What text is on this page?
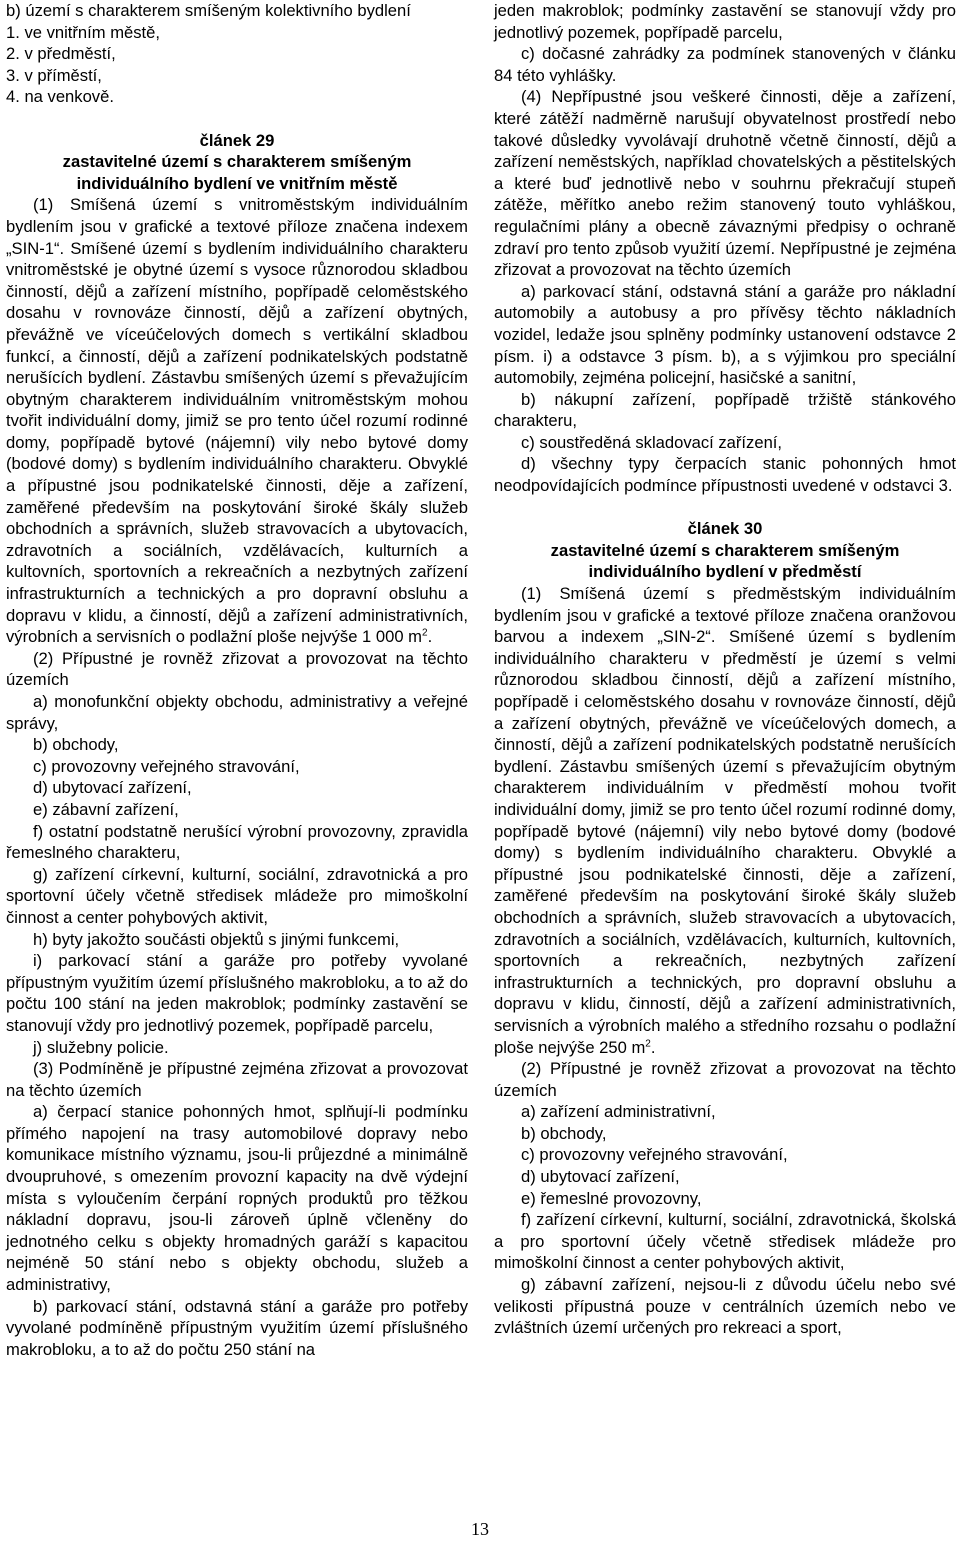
b) území s charakterem smíšeným kolektivního bydlení

1. ve vnitřním městě,

2. v předměstí,

3. v příměstí,

4. na venkově.

článek 29

zastavitelné území s charakterem smíšeným individuálního bydlení ve vnitřním městě

(1) Smíšená území s vnitroměstským individuálním bydlením jsou v grafické a textové příloze značena indexem „SIN-1“. Smíšené území s bydlením individuálního charakteru vnitroměstské je obytné území s vysoce různorodou skladbou činností, dějů a zařízení místního, popřípadě celoměstského dosahu v rovnováze činností, dějů a zařízení obytných, převážně ve víceúčelových domech s vertikální skladbou funkcí, a činností, dějů a zařízení podnikatelských podstatně nerušících bydlení. Zástavbu smíšených území s převažujícím obytným charakterem individuálním vnitroměstským mohou tvořit individuální domy, jimiž se pro tento účel rozumí rodinné domy, popřípadě bytové (nájemní) vily nebo bytové domy (bodové domy) s bydlením individuálního charakteru. Obvyklé a přípustné jsou podnikatelské činnosti, děje a zařízení, zaměřené především na poskytování široké škály služeb obchodních a správních, služeb stravovacích a ubytovacích, zdravotních a sociálních, vzdělávacích, kulturních a kultovních, sportovních a rekreačních a nezbytných zařízení infrastrukturních a technických a pro dopravní obsluhu a dopravu v klidu, a činností, dějů a zařízení administrativních, výrobních a servisních o podlažní ploše nejvýše 1 000 $m^2$.

(2) Přípustné je rovněž zřizovat a provozovat na těchto územích

a) monofunkční objekty obchodu, administrativy a veřejné správy,

b) obchody,

c) provozovny veřejného stravování,

d) ubytovací zařízení,

e) zábavní zařízení,

f) ostatní podstatně nerušící výrobní provozovny, zpravidla řemeslného charakteru,

g) zařízení církevní, kulturní, sociální, zdravotnická a pro sportovní účely včetně středisek mládeže pro mimoškolní činnost a center pohybových aktivit,

h) byty jakožto součásti objektů s jinými funkcemi,

i) parkovací stání a garáže pro potřeby vyvolané přípustným využitím území příslušného makrobloku, a to až do počtu 100 stání na jeden makroblok; podmínky zastavění se stanovují vždy pro jednotlivý pozemek, popřípadě parcelu,

j) služebny policie.

(3) Podmíněně je přípustné zejména zřizovat a provozovat na těchto územích

a) čerpací stanice pohonných hmot, splňují-li podmínku přímého napojení na trasy automobilové dopravy nebo komunikace místního významu, jsou-li průjezdné a minimálně dvoupruhové, s omezením provozní kapacity na dvě výdejní místa s vyloučením čerpání ropných produktů pro těžkou nákladní dopravu, jsou-li zároveň úplně včleněny do jednotného celku s objekty hromadných garáží s kapacitou nejméně 50 stání nebo s objekty obchodu, služeb a administrativy,

b) parkovací stání, odstavná stání a garáže pro potřeby vyvolané podmíněně přípustným využitím území příslušného makrobloku, a to až do počtu 250 stání na

jeden makroblok; podmínky zastavění se stanovují vždy pro jednotlivý pozemek, popřípadě parcelu,

c) dočasné zahrádky za podmínek stanovených v článku 84 této vyhlášky.

(4) Nepřípustné jsou veškeré činnosti, děje a zařízení, které zátěží nadměrně narušují obyvatelnost prostředí nebo takové důsledky vyvolávají druhotně včetně činností, dějů a zařízení neměstských, například chovatelských a pěstitelských a které buď jednotlivě nebo v souhrnu překračují stupeň zátěže, měřítko anebo režim stanovený touto vyhláškou, regulačními plány a obecně závaznými předpisy o ochraně zdraví pro tento způsob využití území. Nepřípustné je zejména zřizovat a provozovat na těchto územích

a) parkovací stání, odstavná stání a garáže pro nákladní automobily a autobusy a pro přívěsy těchto nákladních vozidel, ledaže jsou splněny podmínky ustanovení odstavce 2 písm. i) a odstavce 3 písm. b), a s výjimkou pro speciální automobily, zejména policejní, hasičské a sanitní,

b) nákupní zařízení, popřípadě tržiště stánkového charakteru,

c) soustředěná skladovací zařízení,

d) všechny typy čerpacích stanic pohonných hmot neodpovídajících podmínce přípustnosti uvedené v odstavci 3.

článek 30

zastavitelné území s charakterem smíšeným individuálního bydlení v předměstí

(1) Smíšená území s předměstským individuálním bydlením jsou v grafické a textové příloze značena oranžovou barvou a indexem „SIN-2“. Smíšené území s bydlením individuálního charakteru v předměstí je území s velmi různorodou skladbou činností, dějů a zařízení místního, popřípadě i celoměstského dosahu v rovnováze činností, dějů a zařízení obytných, převážně ve víceúčelových domech, a činností, dějů a zařízení podnikatelských podstatně nerušících bydlení. Zástavbu smíšených území s převažujícím obytným charakterem individuálním v předměstí mohou tvořit individuální domy, jimiž se pro tento účel rozumí rodinné domy, popřípadě bytové (nájemní) vily nebo bytové domy (bodové domy) s bydlením individuálního charakteru. Obvyklé a přípustné jsou podnikatelské činnosti, děje a zařízení, zaměřené především na poskytování široké škály služeb obchodních a správních, služeb stravovacích a ubytovacích, zdravotních a sociálních, vzdělávacích, kulturních, kultovních, sportovních a rekreačních, nezbytných zařízení infrastrukturních a technických, pro dopravní obsluhu a dopravu v klidu, činností, dějů a zařízení administrativních, servisních a výrobních malého a středního rozsahu o podlažní ploše nejvýše 250 $m^2$.

(2) Přípustné je rovněž zřizovat a provozovat na těchto územích

a) zařízení administrativní,

b) obchody,

c) provozovny veřejného stravování,

d) ubytovací zařízení,

e) řemeslné provozovny,

f) zařízení církevní, kulturní, sociální, zdravotnická, školská a pro sportovní účely včetně středisek mládeže pro mimoškolní činnost a center pohybových aktivit,

g) zábavní zařízení, nejsou-li z důvodu účelu nebo své velikosti přípustná pouze v centrálních územích nebo ve zvláštních území určených pro rekreaci a sport,

13
